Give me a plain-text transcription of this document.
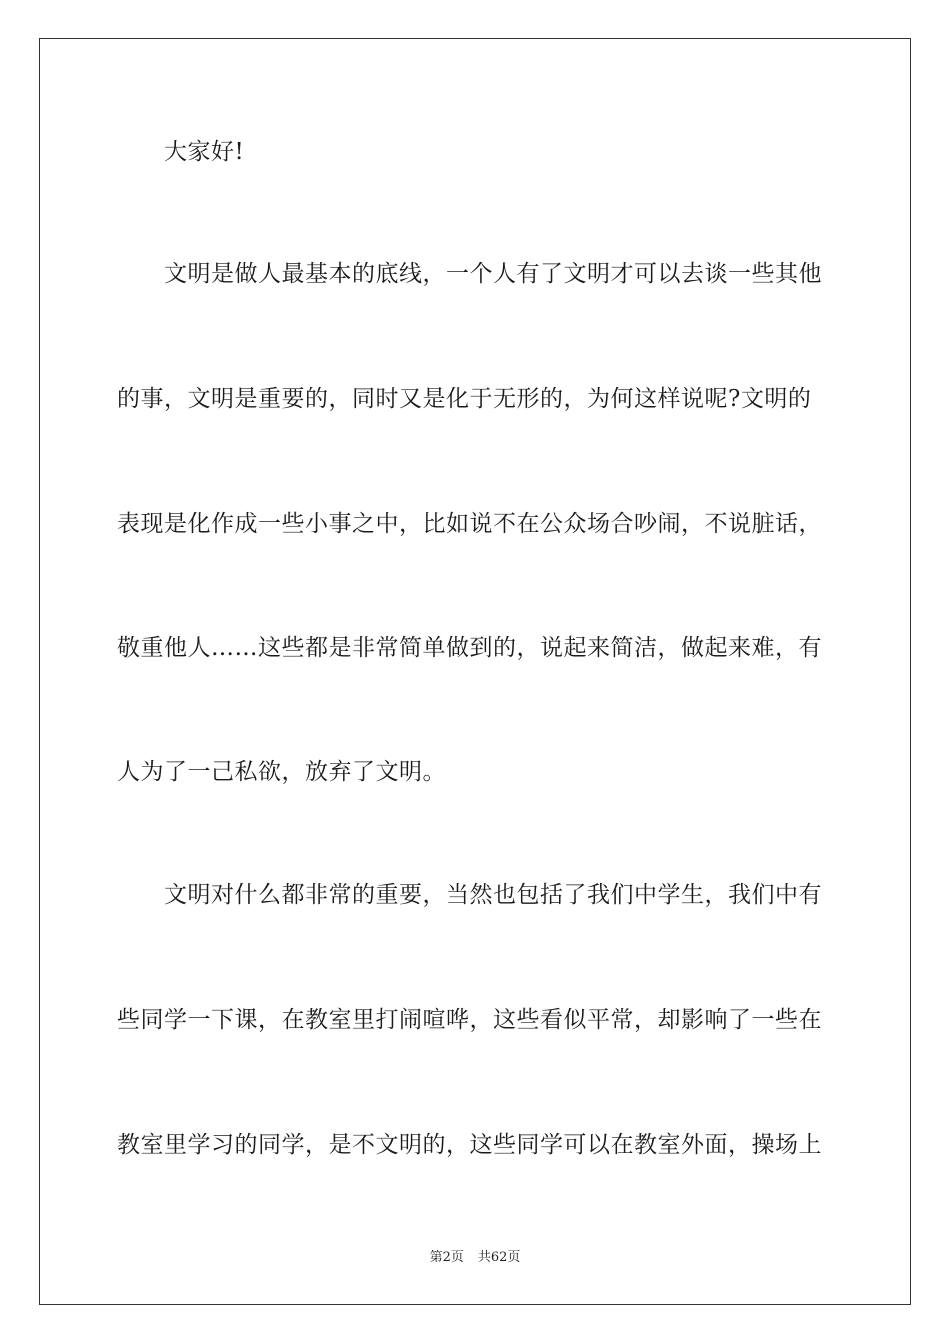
大家好!
文明是做人最基本的底线，一个人有了文明才可以去谈一些其他
的事，文明是重要的，同时又是化于无形的，为何这样说呢?文明的
表现是化作成一些小事之中，比如说不在公众场合吵闹，不说脏话，
敬重他人……这些都是非常简单做到的，说起来简洁，做起来难，有
人为了一己私欲，放弃了文明。
文明对什么都非常的重要，当然也包括了我们中学生，我们中有
些同学一下课，在教室里打闹喧哗，这些看似平常，却影响了一些在
教室里学习的同学，是不文明的，这些同学可以在教室外面，操场上
第2页 共62页
